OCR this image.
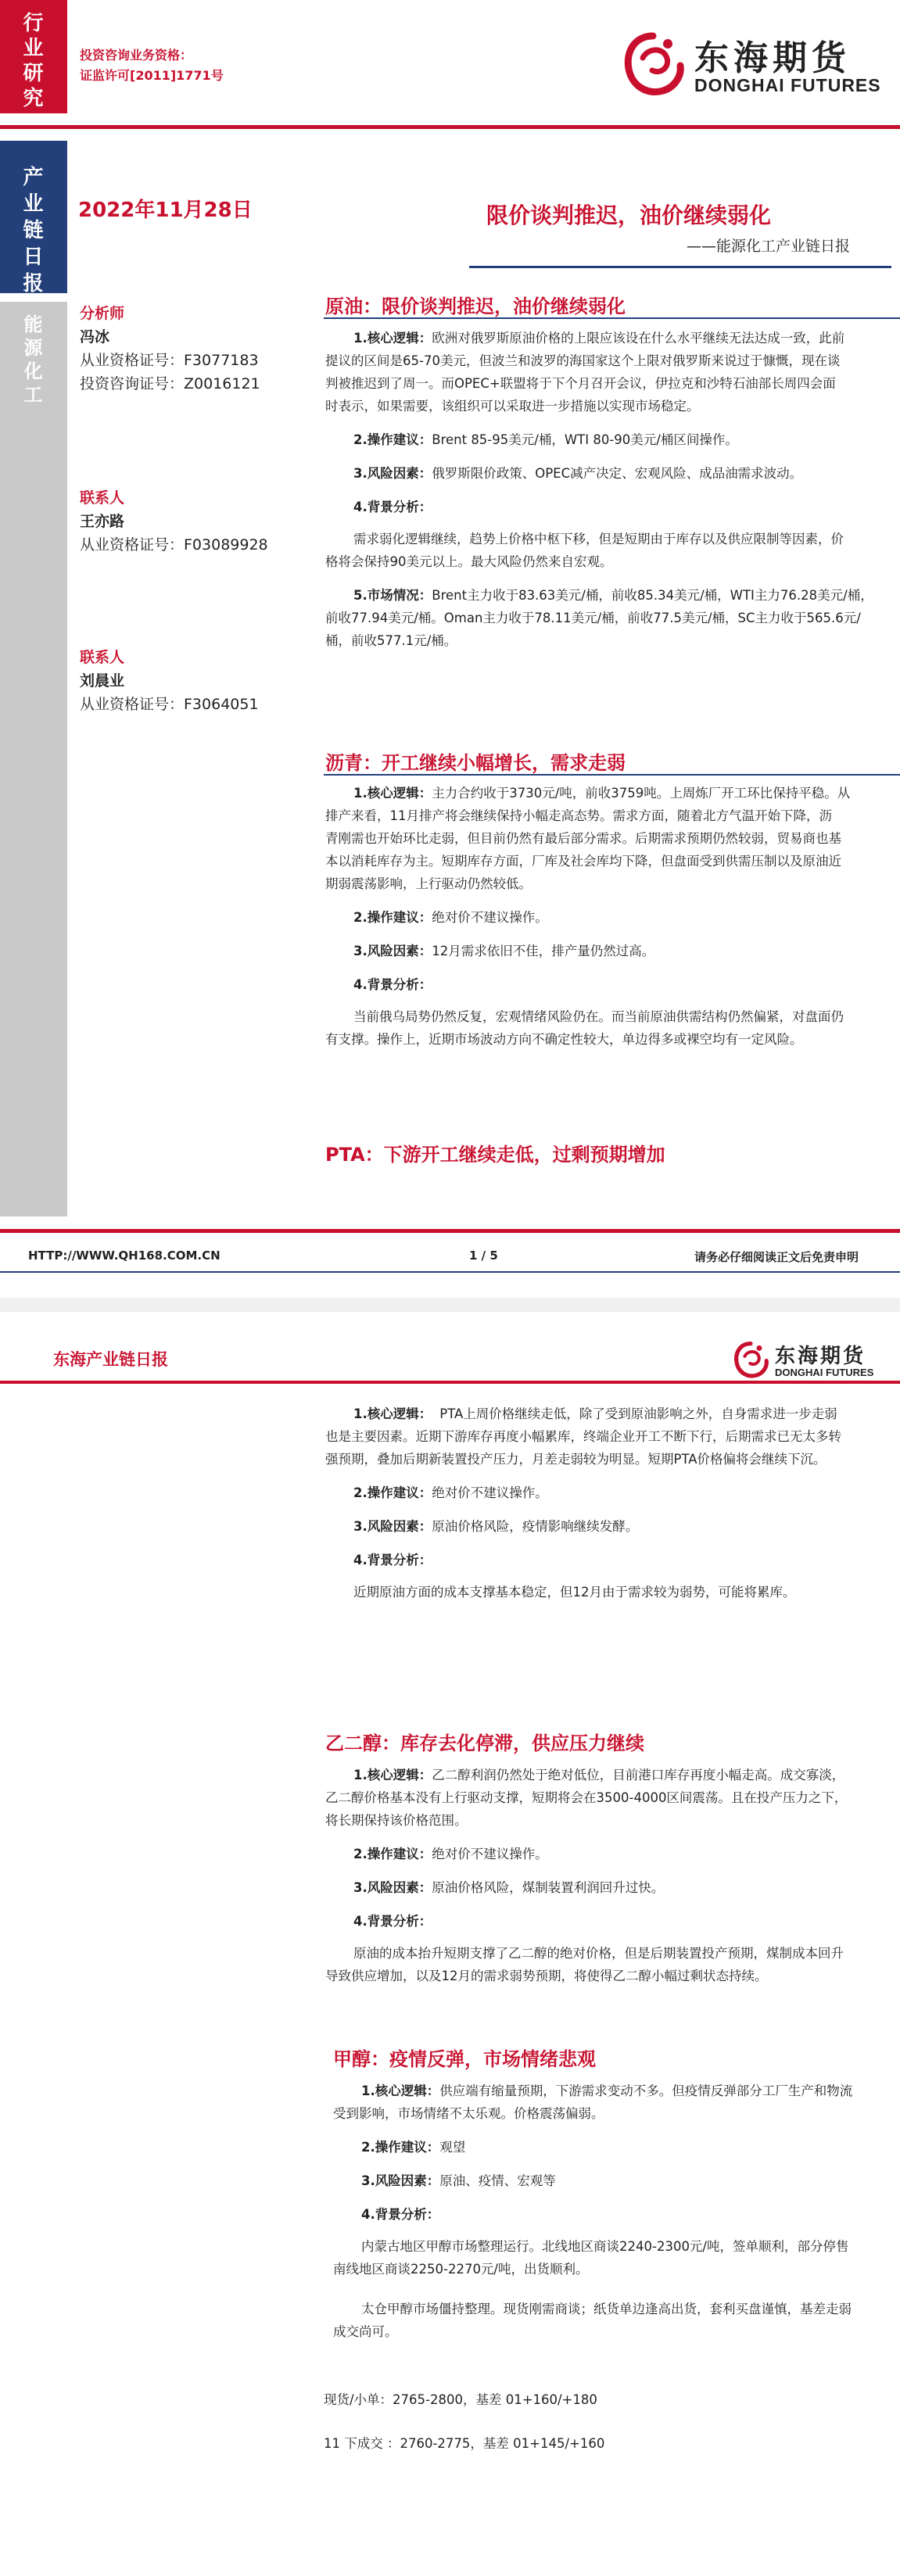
行业研究
投资咨询业务资格：
证监许可[2011]1771号	东海期货
DONGHAI FUTURES
产业链日报
能源化工
2022年11月28日	限价谈判推迟，油价继续弱化
——能源化工产业链日报
分析师
冯冰
从业资格证号：F3077183
投资咨询证号：Z0016121
联系人
王亦路
从业资格证号：F03089928
联系人
刘晨业
从业资格证号：F3064051
原油：限价谈判推迟，油价继续弱化
1.核心逻辑：欧洲对俄罗斯原油价格的上限应该设在什么水平继续无法达成一致，此前
提议的区间是65-70美元，但波兰和波罗的海国家这个上限对俄罗斯来说过于慷慨，现在谈
判被推迟到了周一。而OPEC+联盟将于下个月召开会议，伊拉克和沙特石油部长周四会面
时表示，如果需要，该组织可以采取进一步措施以实现市场稳定。
2.操作建议：Brent 85-95美元/桶，WTI 80-90美元/桶区间操作。
3.风险因素：俄罗斯限价政策、OPEC减产决定、宏观风险、成品油需求波动。
4.背景分析：
需求弱化逻辑继续，趋势上价格中枢下移，但是短期由于库存以及供应限制等因素，价
格将会保持90美元以上。最大风险仍然来自宏观。
5.市场情况：Brent主力收于83.63美元/桶，前收85.34美元/桶，WTI主力76.28美元/桶，
前收77.94美元/桶。Oman主力收于78.11美元/桶，前收77.5美元/桶，SC主力收于565.6元/
桶，前收577.1元/桶。
沥青：开工继续小幅增长，需求走弱
1.核心逻辑：主力合约收于3730元/吨，前收3759吨。上周炼厂开工环比保持平稳。从
排产来看，11月排产将会继续保持小幅走高态势。需求方面，随着北方气温开始下降，沥
青刚需也开始环比走弱，但目前仍然有最后部分需求。后期需求预期仍然较弱，贸易商也基
本以消耗库存为主。短期库存方面，厂库及社会库均下降，但盘面受到供需压制以及原油近
期弱震荡影响，上行驱动仍然较低。
2.操作建议：绝对价不建议操作。
3.风险因素：12月需求依旧不佳，排产量仍然过高。
4.背景分析：
当前俄乌局势仍然反复，宏观情绪风险仍在。而当前原油供需结构仍然偏紧，对盘面仍
有支撑。操作上，近期市场波动方向不确定性较大，单边得多或裸空均有一定风险。
PTA：下游开工继续走低，过剩预期增加
HTTP://WWW.QH168.COM.CN	1 / 5	请务必仔细阅读正文后免责申明
东海产业链日报	东海期货
DONGHAI FUTURES
1.核心逻辑： PTA上周价格继续走低，除了受到原油影响之外，自身需求进一步走弱
也是主要因素。近期下游库存再度小幅累库，终端企业开工不断下行，后期需求已无太多转
强预期，叠加后期新装置投产压力，月差走弱较为明显。短期PTA价格偏将会继续下沉。
2.操作建议：绝对价不建议操作。
3.风险因素：原油价格风险，疫情影响继续发酵。
4.背景分析：
近期原油方面的成本支撑基本稳定，但12月由于需求较为弱势，可能将累库。
乙二醇：库存去化停滞，供应压力继续
1.核心逻辑：乙二醇利润仍然处于绝对低位，目前港口库存再度小幅走高。成交寡淡，
乙二醇价格基本没有上行驱动支撑，短期将会在3500-4000区间震荡。且在投产压力之下，
将长期保持该价格范围。
2.操作建议：绝对价不建议操作。
3.风险因素：原油价格风险，煤制装置利润回升过快。
4.背景分析：
原油的成本抬升短期支撑了乙二醇的绝对价格，但是后期装置投产预期，煤制成本回升
导致供应增加，以及12月的需求弱势预期，将使得乙二醇小幅过剩状态持续。
甲醇：疫情反弹，市场情绪悲观
1.核心逻辑：供应端有缩量预期，下游需求变动不多。但疫情反弹部分工厂生产和物流
受到影响，市场情绪不太乐观。价格震荡偏弱。
2.操作建议：观望
3.风险因素：原油、疫情、宏观等
4.背景分析：
内蒙古地区甲醇市场整理运行。北线地区商谈2240-2300元/吨，签单顺利，部分停售
南线地区商谈2250-2270元/吨，出货顺利。
太仓甲醇市场僵持整理。现货刚需商谈；纸货单边逢高出货，套利买盘谨慎，基差走弱
成交尚可。
现货/小单：2765-2800，基差 01+160/+180
11 下成交 ：2760-2775，基差 01+145/+160
